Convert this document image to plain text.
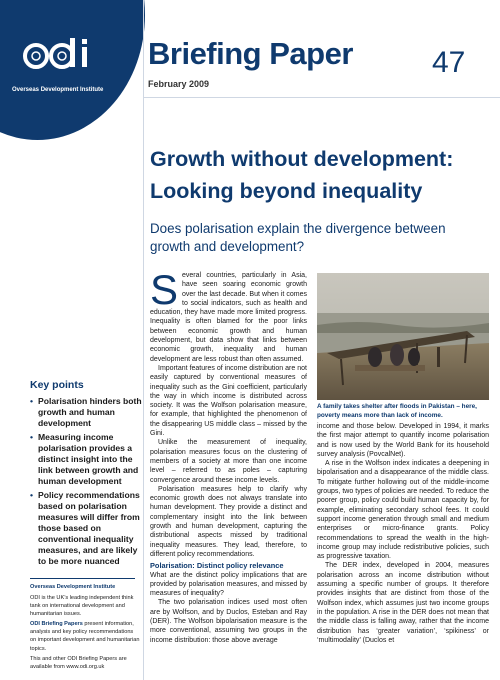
Overseas Development Institute
Briefing Paper	47
February 2009
Growth without development:
Looking beyond inequality
Does polarisation explain the divergence between growth and development?
Key points
• Polarisation hinders both growth and human development
• Measuring income polarisation provides a distinct insight into the link between growth and human development
• Policy recommendations based on polarisation measures will differ from those based on conventional inequality measures, and are likely to be more nuanced
Overseas Development Institute
ODI is the UK’s leading independent think tank on international development and humanitarian issues.
ODI Briefing Papers present information, analysis and key policy recommendations on important development and humanitarian topics.
This and other ODI Briefing Papers are available from www.odi.org.uk

Several countries, particularly in Asia, have seen soaring economic growth over the last decade. But when it comes to social indicators, such as health and education, they have made more limited progress. Inequality is often blamed for the poor links between economic growth and human development, but data show that links between economic growth, inequality and human development are less robust than often assumed.

Important features of income distribution are not easily captured by conventional measures of inequality such as the Gini coefficient, particularly the way in which income is distributed across society. It was the Wolfson polarisation measure, for example, that highlighted the phenomenon of the disappearing US middle class – missed by the Gini.

Unlike the measurement of inequality, polarisation measures focus on the clustering of members of a society at more than one income level – referred to as poles – capturing convergence around these income levels.

Polarisation measures help to clarify why economic growth does not always translate into human development. They provide a distinct and complementary insight into the link between growth and human development, capturing the distributional aspects missed by traditional inequality measures. They lead, therefore, to different policy recommendations.

Polarisation: Distinct policy relevance

What are the distinct policy implications that are provided by polarisation measures, and missed by measures of inequality?

The two polarisation indices used most often are by Wolfson, and by Duclos, Esteban and Ray (DER). The Wolfson bipolarisation measure is the more conventional, assuming two groups in the income distribution: those above average

A family takes shelter after floods in Pakistan – here, poverty means more than lack of income.

income and those below. Developed in 1994, it marks the first major attempt to quantify income polarisation and is now used by the World Bank for its household survey analysis (PovcalNet).

A rise in the Wolfson index indicates a deepening in bipolarisation and a disappearance of the middle class. To mitigate further hollowing out of the middle-income groups, two types of policies are needed. To reduce the poorer group, policy could build human capacity by, for example, eliminating secondary school fees. It could support income generation through small and medium enterprises or micro-finance grants. Policy recommendations to spread the wealth in the high-income group may include redistributive policies, such as progressive taxation.

The DER index, developed in 2004, measures polarisation across an income distribution without assuming a specific number of groups. It therefore provides insights that are distinct from those of the Wolfson index, which assumes just two income groups in the population. A rise in the DER does not mean that the middle class is falling away, rather that the income distribution has ‘greater variation’, ‘spikiness’ or ‘multimodality’ (Duclos et
